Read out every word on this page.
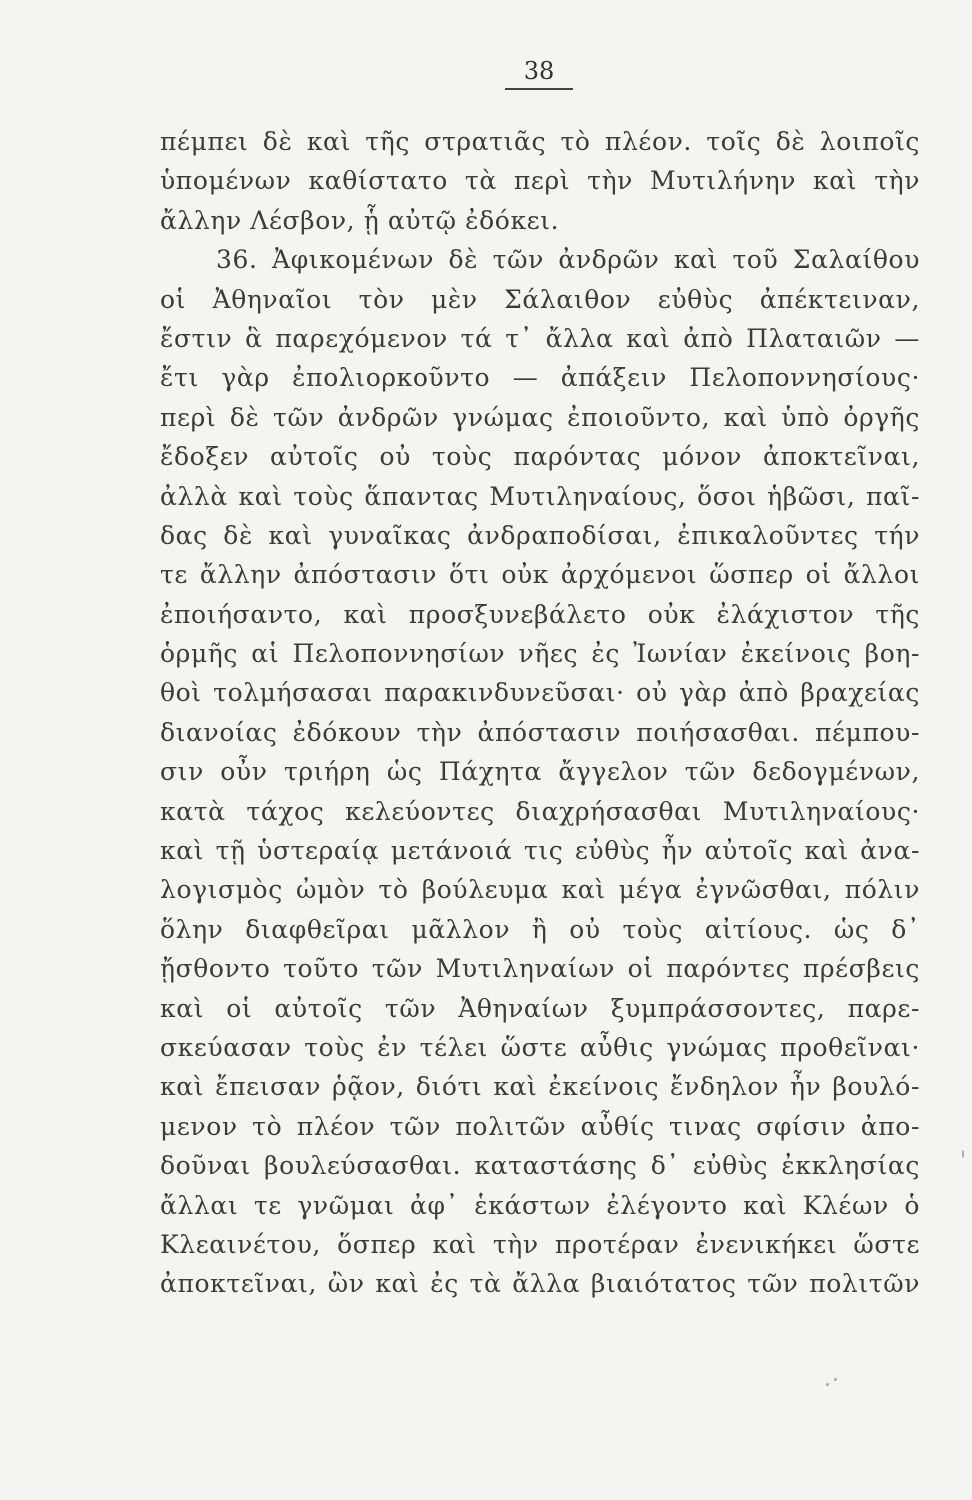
38
πέμπει δὲ καὶ τῆς στρατιᾶς τὸ πλέον. τοῖς δὲ λοιποῖς
ὑπομένων καθίστατο τὰ περὶ τὴν Μυτιλήνην καὶ τὴν
ἄλλην Λέσβον, ᾗ αὐτῷ ἐδόκει.
36. Ἀφικομένων δὲ τῶν ἀνδρῶν καὶ τοῦ Σαλαίθου
οἱ Ἀθηναῖοι τὸν μὲν Σάλαιθον εὐθὺς ἀπέκτειναν,
ἔστιν ἃ παρεχόμενον τά τ᾽ ἄλλα καὶ ἀπὸ Πλαταιῶν —
ἔτι γὰρ ἐπολιορκοῦντο — ἀπάξειν Πελοποννησίους·
περὶ δὲ τῶν ἀνδρῶν γνώμας ἐποιοῦντο, καὶ ὑπὸ ὀργῆς
ἔδοξεν αὐτοῖς οὐ τοὺς παρόντας μόνον ἀποκτεῖναι,
ἀλλὰ καὶ τοὺς ἅπαντας Μυτιληναίους, ὅσοι ἡβῶσι, παῖ-
δας δὲ καὶ γυναῖκας ἀνδραποδίσαι, ἐπικαλοῦντες τήν
τε ἄλλην ἀπόστασιν ὅτι οὐκ ἀρχόμενοι ὥσπερ οἱ ἄλλοι
ἐποιήσαντο, καὶ προσξυνεβάλετο οὐκ ἐλάχιστον τῆς
ὁρμῆς αἱ Πελοποννησίων νῆες ἐς Ἰωνίαν ἐκείνοις βοη-
θοὶ τολμήσασαι παρακινδυνεῦσαι· οὐ γὰρ ἀπὸ βραχείας
διανοίας ἐδόκουν τὴν ἀπόστασιν ποιήσασθαι. πέμπου-
σιν οὖν τριήρη ὡς Πάχητα ἄγγελον τῶν δεδογμένων,
κατὰ τάχος κελεύοντες διαχρήσασθαι Μυτιληναίους·
καὶ τῇ ὑστεραίᾳ μετάνοιά τις εὐθὺς ἦν αὐτοῖς καὶ ἀνα-
λογισμὸς ὠμὸν τὸ βούλευμα καὶ μέγα ἐγνῶσθαι, πόλιν
ὅλην διαφθεῖραι μᾶλλον ἢ οὐ τοὺς αἰτίους. ὡς δ᾽
ᾔσθοντο τοῦτο τῶν Μυτιληναίων οἱ παρόντες πρέσβεις
καὶ οἱ αὐτοῖς τῶν Ἀθηναίων ξυμπράσσοντες, παρε-
σκεύασαν τοὺς ἐν τέλει ὥστε αὖθις γνώμας προθεῖναι·
καὶ ἔπεισαν ῥᾷον, διότι καὶ ἐκείνοις ἔνδηλον ἦν βουλό-
μενον τὸ πλέον τῶν πολιτῶν αὖθίς τινας σφίσιν ἀπο-
δοῦναι βουλεύσασθαι. καταστάσης δ᾽ εὐθὺς ἐκκλησίας
ἄλλαι τε γνῶμαι ἀφ᾽ ἑκάστων ἐλέγοντο καὶ Κλέων ὁ
Κλεαινέτου, ὅσπερ καὶ τὴν προτέραν ἐνενικήκει ὥστε
ἀποκτεῖναι, ὢν καὶ ἐς τὰ ἄλλα βιαιότατος τῶν πολιτῶν
